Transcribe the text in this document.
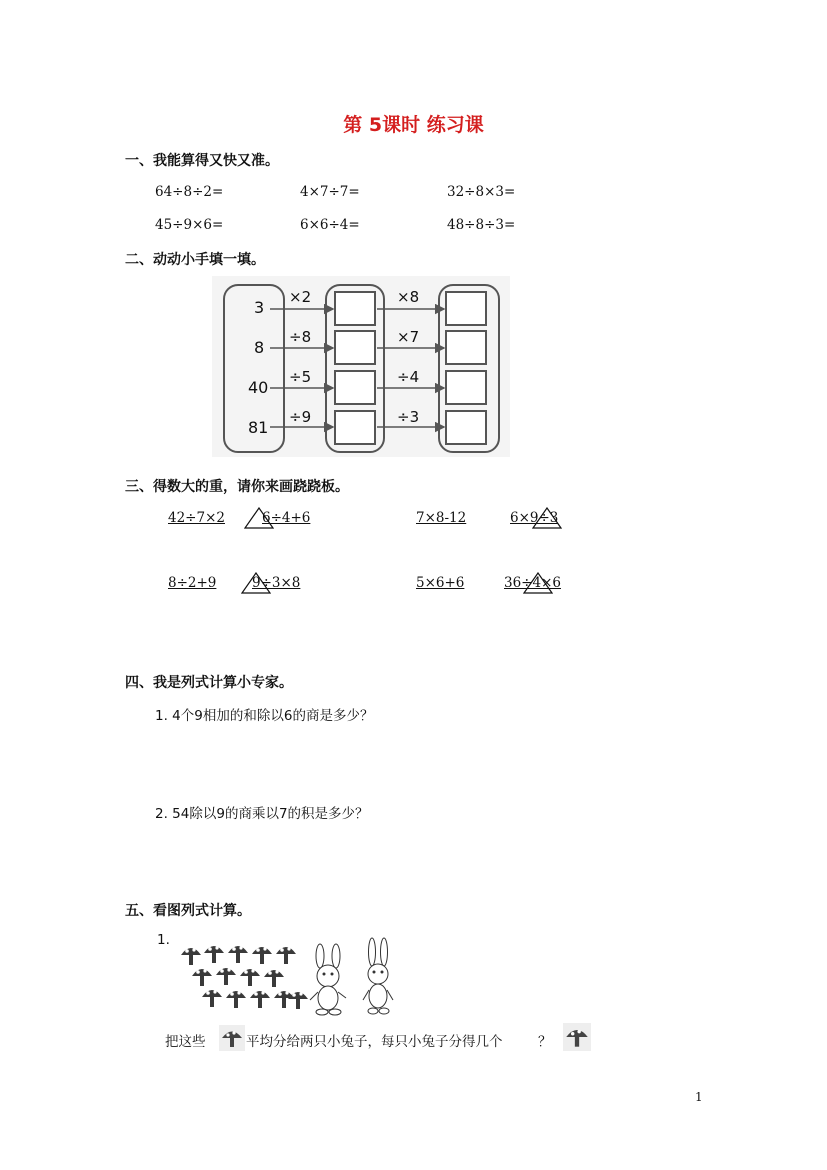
第 5课时 练习课
一、我能算得又快又准。
64÷8÷2=	4×7÷7=	32÷8×3=
45÷9×6=	6×6÷4=	48÷8÷3=
二、动动小手填一填。
3
8
40
81
×2
÷8
÷5
÷9
×8
×7
÷4
÷3
三、得数大的重，请你来画跷跷板。
42÷7×2	6÷4+6	7×8-12	6×9÷3
8÷2+9	9÷3×8	5×6+6	36÷4×6
四、我是列式计算小专家。
1. 4个9相加的和除以6的商是多少？
2. 54除以9的商乘以7的积是多少？
五、看图列式计算。
1.
把这些	平均分给两只小兔子，每只小兔子分得几个	？
1
